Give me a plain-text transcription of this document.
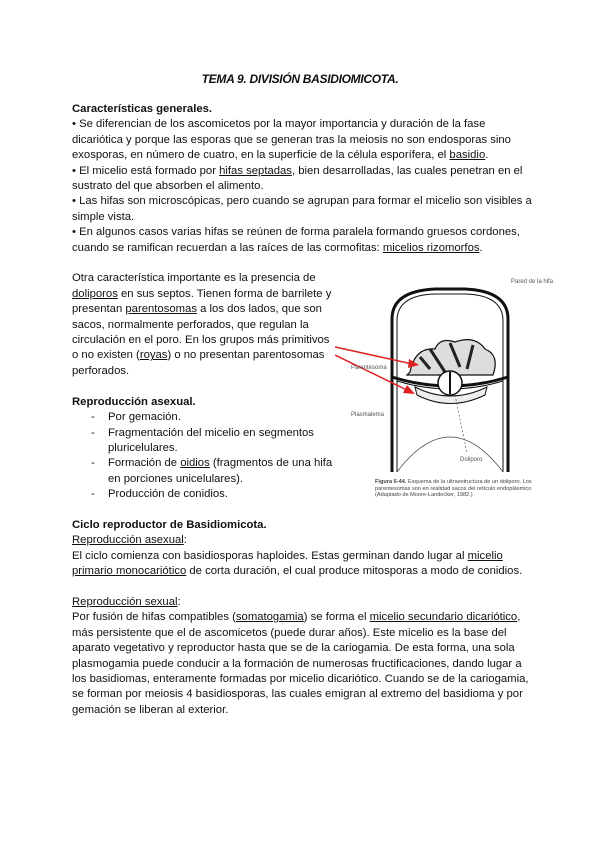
TEMA 9. DIVISIÓN BASIDIOMICOTA.
Características generales.

• Se diferencian de los ascomicetos por la mayor importancia y duración de la fase dicariótica y porque las esporas que se generan tras la meiosis no son endosporas sino exosporas, en número de cuatro, en la superficie de la célula esporífera, el basidio.

• El micelio está formado por hifas septadas, bien desarrolladas, las cuales penetran en el sustrato del que absorben el alimento.

• Las hifas son microscópicas, pero cuando se agrupan para formar el micelio son visibles a simple vista.

• En algunos casos varias hifas se reúnen de forma paralela formando gruesos cordones, cuando se ramifican recuerdan a las raíces de las cormofitas: micelios rizomorfos.

Otra característica importante es la presencia de doliporos en sus septos. Tienen forma de barrilete y presentan parentosomas a los dos lados, que son sacos, normalmente perforados, que regulan la circulación en el poro. En los grupos más primitivos o no existen (royas) o no presentan parentosomas perforados.

Reproducción asexual.
- Por gemación.
- Fragmentación del micelio en segmentos pluricelulares.
- Formación de oidios (fragmentos de una hifa en porciones unicelulares).
- Producción de conidios.
Pared de la hifa
Parentesoma
Plasmalema
Doliporo
Figura 6-44. Esquema de la ultraestructura de un doliporo. Los parentesomas son en realidad sacos del retículo endoplásmico (Adaptado de Moore-Landecker, 1982.)
Ciclo reproductor de Basidiomicota.

Reproducción asexual:

El ciclo comienza con basidiosporas haploides. Estas germinan dando lugar al micelio primario monocariótico de corta duración, el cual produce mitosporas a modo de conidios.

Reproducción sexual:

Por fusión de hifas compatibles (somatogamia) se forma el micelio secundario dicariótico, más persistente que el de ascomicetos (puede durar años). Este micelio es la base del aparato vegetativo y reproductor hasta que se de la cariogamia. De esta forma, una sola plasmogamia puede conducir a la formación de numerosas fructificaciones, dando lugar a los basidiomas, enteramente formadas por micelio dicariótico. Cuando se de la cariogamia, se forman por meiosis 4 basidiosporas, las cuales emigran al extremo del basidioma y por gemación se liberan al exterior.
